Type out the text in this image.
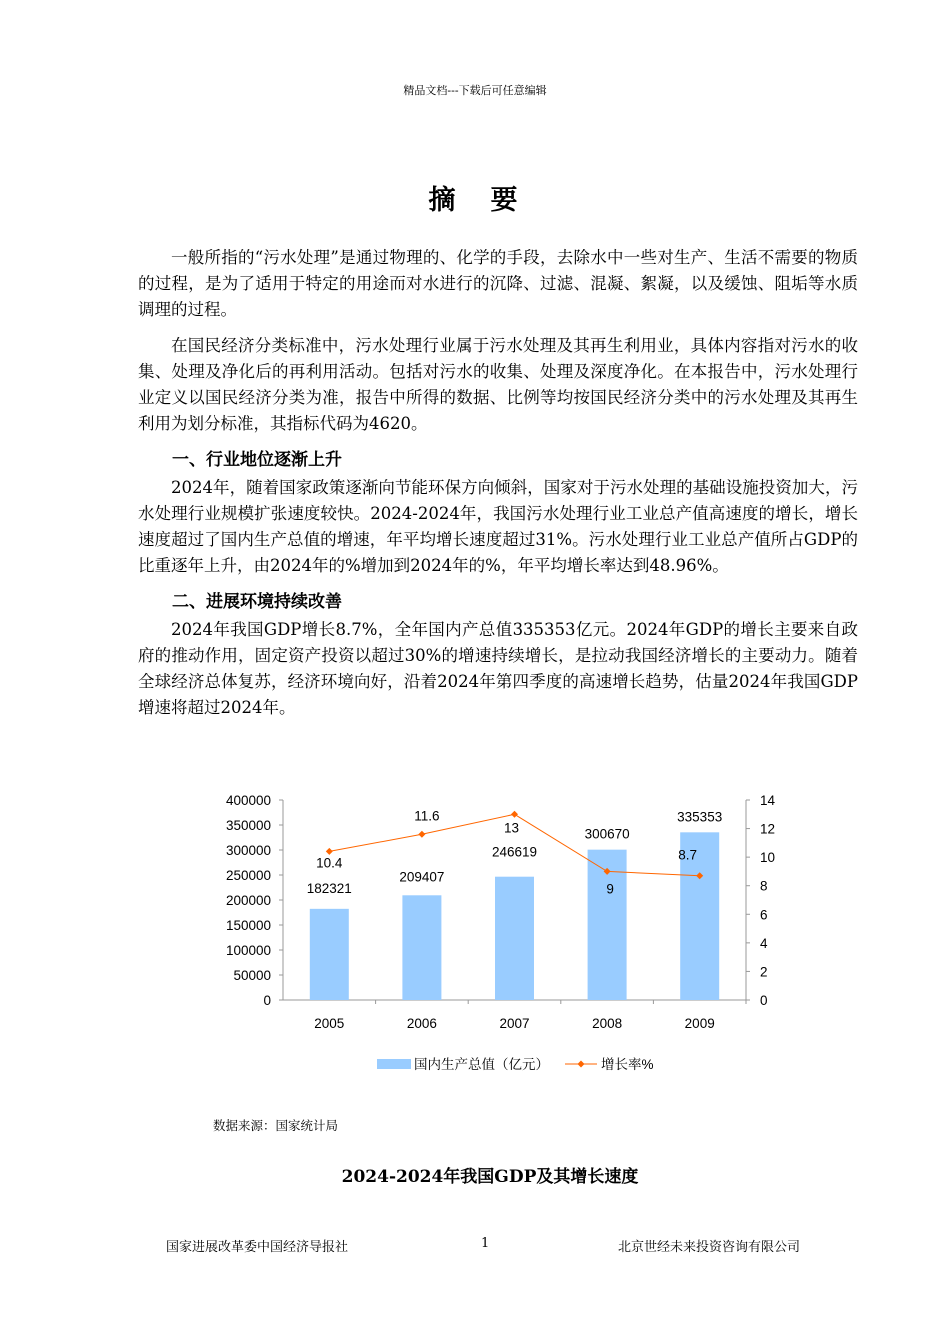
精品文档---下载后可任意编辑
摘　要

一般所指的“污水处理”是通过物理的、化学的手段，去除水中一些对生产、生活不需要的物质的过程，是为了适用于特定的用途而对水进行的沉降、过滤、混凝、絮凝，以及缓蚀、阻垢等水质调理的过程。

在国民经济分类标准中，污水处理行业属于污水处理及其再生利用业，具体内容指对污水的收集、处理及净化后的再利用活动。包括对污水的收集、处理及深度净化。在本报告中，污水处理行业定义以国民经济分类为准，报告中所得的数据、比例等均按国民经济分类中的污水处理及其再生利用为划分标准，其指标代码为4620。

一、行业地位逐渐上升

2024年，随着国家政策逐渐向节能环保方向倾斜，国家对于污水处理的基础设施投资加大，污水处理行业规模扩张速度较快。2024-2024年，我国污水处理行业工业总产值高速度的增长，增长速度超过了国内生产总值的增速，年平均增长速度超过31%。污水处理行业工业总产值所占GDP的比重逐年上升，由2024年的%增加到2024年的%，年平均增长率达到48.96%。

二、进展环境持续改善

2024年我国GDP增长8.7%，全年国内产总值335353亿元。2024年GDP的增长主要来自政府的推动作用，固定资产投资以超过30%的增速持续增长，是拉动我国经济增长的主要动力。随着全球经济总体复苏，经济环境向好，沿着2024年第四季度的高速增长趋势，估量2024年我国GDP增速将超过2024年。

0
50000
100000
150000
200000
250000
300000
350000
400000
0
2
4
6
8
10
12
14
2005
182321
2006
209407
2007
246619
2008
300670
2009
335353
10.4
11.6
13
9
8.7
国内生产总值（亿元）	增长率%
数据来源：国家统计局
2024-2024年我国GDP及其增长速度
国家进展改革委中国经济导报社	1	北京世经未来投资咨询有限公司
